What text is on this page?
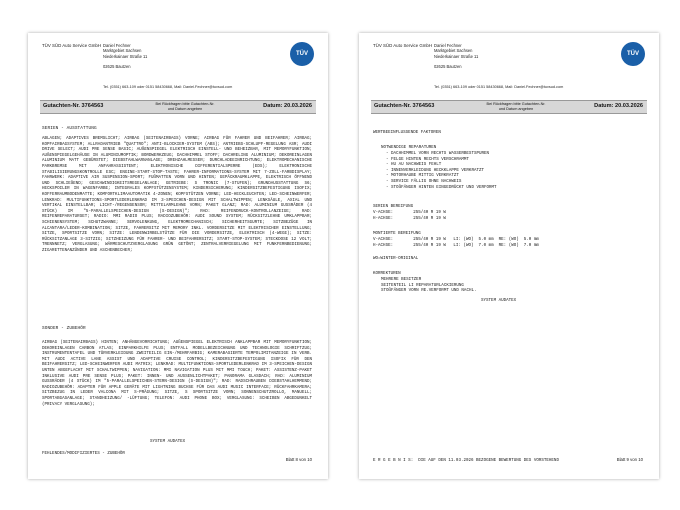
TÜV SÜD Auto Service GmbH Daniel Fechner
Marktgebiet Sachsen
Niederkainaer Straße 11

02625 Bautzen
Tel. (0351) 663-109 oder 0151 58430668, Mail: Daniel.Fechner@tuvsud.com
TÜV
Gutachten-Nr. 3764563	Bei Rückfragen bitte Gutachten-Nr.
und Datum angeben	Datum: 20.03.2026
SERIEN - AUSSTATTUNG

ABLAGEN; ADAPTIVES BREMSLICHT; AIRBAG (SEITENAIRBAGS) VORNE; AIRBAG FÜR FAHRER UND BEIFAHRER; AIRBAG; KOPFAIRBAGSYSTEM; ALLRADANTRIEB "QUATTRO"; ANTI-BLOCKIER-SYSTEM (ABS); ANTRIEBS-SCHLUPF-REGELUNG ASR; AUDI DRIVE SELECT; AUDI PRE SENSE BASIC; AUßENSPIEGEL ELEKTRISCH EINSTELL- UND BEHEIZBAR, MIT MEMORYFUNKTION; AUßENSPIEGELGEHÄUSE IN ALUMINIUMOPTIK; BORDWERKZEUG; DACHHIMMEL STOFF; DACHRELING ALUMINIUM; DEKOREINLAGEN ALUMINIUM MATT GEBÜRSTET; DIEBSTAHLWARNANLAGE; DREHZAHLMESSER; DURCHLADEEINRICHTUNG; ELEKTROMECHANISCHE PARKBREMSE MIT ANFAHRASSISTENT; ELEKTRONISCHE DIFFERENTIALSPERRE (EDS); ELEKTRONISCHE STABILISIERUNGSKONTROLLE ESC; ENGINE-START-STOP-TASTE; FAHRER-INFORMATIONS-SYSTEM MIT 7-ZOLL-FARBDISPLAY; FAHRWERK: ADAPTIVE AIR SUSPENSION-SPORT; FUßMATTEN VORN UND HINTEN; GEPÄCKRAUMKLAPPE, ELEKTRISCH ÖFFNEND UND SCHLIEßEND; GESCHWINDIGKEITSREGELANLAGE; GETRIEBE: S TRONIC (7-STUFEN); GRUNDAUSSTATTUNG S6; HECKSPOILER IN WAGENFARBE; INTEGRALES KOPFSTÜTZENSYSTEM; KINDERSICHERUNG; KINDERSITZBEFESTIGUNG ISOFIX; KOFFERRAUMBODENMATTE; KOMFORTKLIMAAUTOMATIK 4-ZONEN; KOPFSTÜTZEN VORNE; LED-HECKLEUCHTEN; LED-SCHEINWERFER; LENKRAD: MULTIFUNKTIONS-SPORTLEDERLENKRAD IM 3-SPEICHEN-DESIGN MIT SCHALTWIPPEN; LENKSÄULE, AXIAL UND VERTIKAL EINSTELLBAR; LICHT-/REGENSENSOR; MITTELARMLEHNE VORN; PAKET GLANZ; RAD: ALUMINIUM GUSSRÄDER (4 STÜCK) IM "5-PARALLELSPEICHEN-DESIGN (S-DESIGN)"; RAD: REIFENDRUCK-KONTROLLANZEIGE; RAD: REIFENREPARATURSET; RADIO: MMI RADIO PLUS; RADIOZUBEHÖR: AUDI SOUND SYSTEM; RÜCKSITZLEHNE UMKLAPPBAR; SCHIENENSYSTEM; SCHUTZWANNE; SERVOLENKUNG, ELEKTROMECHANISCH; SICHERHEITSGURTE; SITZBEZÜGE IN ALCANTARA/LEDER-KOMBINATION; SITZE, FAHRERSITZ MIT MEMORY INKL. VORDERSITZE MIT ELEKTRISCHER EINSTELLUNG; SITZE, SPORTSITZE VORN; SITZE: LENDENWIRBELSTÜTZE FÜR DIE VORDERSITZE, ELEKTRISCH (4-WEGE); SITZE: RÜCKSITZANLAGE 3-SITZIG; SITZHEIZUNG FÜR FAHRER- UND BEIFAHRERSITZ; START-STOP-SYSTEM; STECKDOSE 12 VOLT; TRENNNETZ; VERGLASUNG; WÄRMESCHUTZVERGLASUNG GRÜN GETÖNT; ZENTRALVERRIEGELUNG MIT FUNKFERNBEDIENUNG; ZIGARETTENANZÜNDER UND ASCHENBECHER;

SONDER - ZUBEHÖR

AIRBAG (SEITENAIRBAGS) HINTEN; ANHÄNGEVORRICHTUNG; AUßENSPIEGEL ELEKTRISCH ANKLAPPBAR MIT MEMORYFUNKTION; DEKOREINLAGEN CARBON ATLAS; EINPARKHILFE PLUS; ENTFALL MODELLBEZEICHNUNG UND TECHNOLOGIE SCHRIFTZUG; INSTRUMENTENTAFEL UND TÜRVERKLEIDUNG ZWEITEILIG EIN-/MEHRFARBIG; KAMERABASIERTE TEMPOLIMITANZEIGE IN VERB. MIT AUDI ACTIVE LANE ASSIST UND ADAPTIVE CRUISE CONTROL; KINDERSITZBEFESTIGUNG ISOFIX FÜR DEN BEIFAHRERSITZ; LED-SCHEINWERFER AUDI MATRIX; LENKRAD: MULTIFUNKTIONS-SPORTLEDERLENKRAD IM 3-SPEICHEN-DESIGN UNTEN ABGEFLACHT MIT SCHALTWIPPEN; NAVIGATION: MMI NAVIGATION PLUS MIT MMI TOUCH; PAKET: ASSISTENZ-PAKET INKLUSIVE AUDI PRE SENSE PLUS; PAKET: INNEN- UND AUSSENLICHTPAKET; PANORAMA GLASDACH; RAD: ALUMINIUM GUSSRÄDER (4 STÜCK) IM "5-PARALLELSPEICHEN-STERN-DESIGN (S-DESIGN)"; RAD: RADSCHRAUBEN DIEBSTAHLHEMMEND; RADIOZUBEHÖR: ADAPTER FÜR APPLE GERÄTE MIT LIGHTNING BUCHSE FÜR DAS AUDI MUSIC INTERFACE; RÜCKFAHRKAMERA; SITZBEZUG IN LEDER VALCONA MIT S-PRÄGUNG; SITZE, S SPORTSITZE VORN; SONNENSCHUTZROLLO, MANUELL; SPORTABGASANLAGE; STANDHEIZUNG/ -LÜFTUNG; TELEFON: AUDI PHONE BOX; VERGLASUNG: SCHEIBEN ABGEDUNKELT (PRIVACY VERGLASUNG);

SYSTEM AUDATEX
FEHLENDES/MODIFIZIERTES - ZUBEHÖR
Blatt 8 von 10
TÜV SÜD Auto Service GmbH Daniel Fechner
Marktgebiet Sachsen
Niederkainaer Straße 11

02625 Bautzen
Tel. (0351) 663-109 oder 0151 58430668, Mail: Daniel.Fechner@tuvsud.com
TÜV
Gutachten-Nr. 3764563	Bei Rückfragen bitte Gutachten-Nr.
und Datum angeben	Datum: 20.03.2026
WERTBEEINFLUSSENDE FAKTOREN
NOTWENDIGE REPARATUREN
- DACHHIMMEL VORN RECHTS WASSERBESTSPUREN
- FELGE HINTEN RECHTS VERSCHRAMMT
- HU AU NACHWEIS FEHLT
- INNENVERKLEIDUNG HECKKLAPPE VERKRATZT
- MOTORHAUBE MITTIG VERKRATZT
- SERVICE FÄLLIG OHNE NACHWEIS
- STOßFÄNGER HINTEN EINGEDRÜCKT UND VERFORMT
SERIEN BEREIFUNG
V-ACHSE:        255/40 R 19 W
H-ACHSE:        255/40 R 19 W
MONTIERTE BEREIFUNG
V-ACHSE:        255/40 R 19 W   LI: (WO)  5.0 mm  RE: (WO)  5.0 mm
H-ACHSE:        255/40 R 19 W   LI: (WO)  7.0 mm  RE: (WO)  7.0 mm
WO=WINTER-ORIGINAL
KORREKTUREN
MEHRERE BESITZER
SEITENTEIL LI REPARATURLACKIERUNG
STOßFÄNGER VORN RE.VERFORMT UND NACHL.
SYSTEM AUDATEX
E R G E B N I S:  DIE AUF DEN 11.03.2026 BEZOGENE BEWERTUNG DES VORSTEHEND	Blatt 9 von 10
